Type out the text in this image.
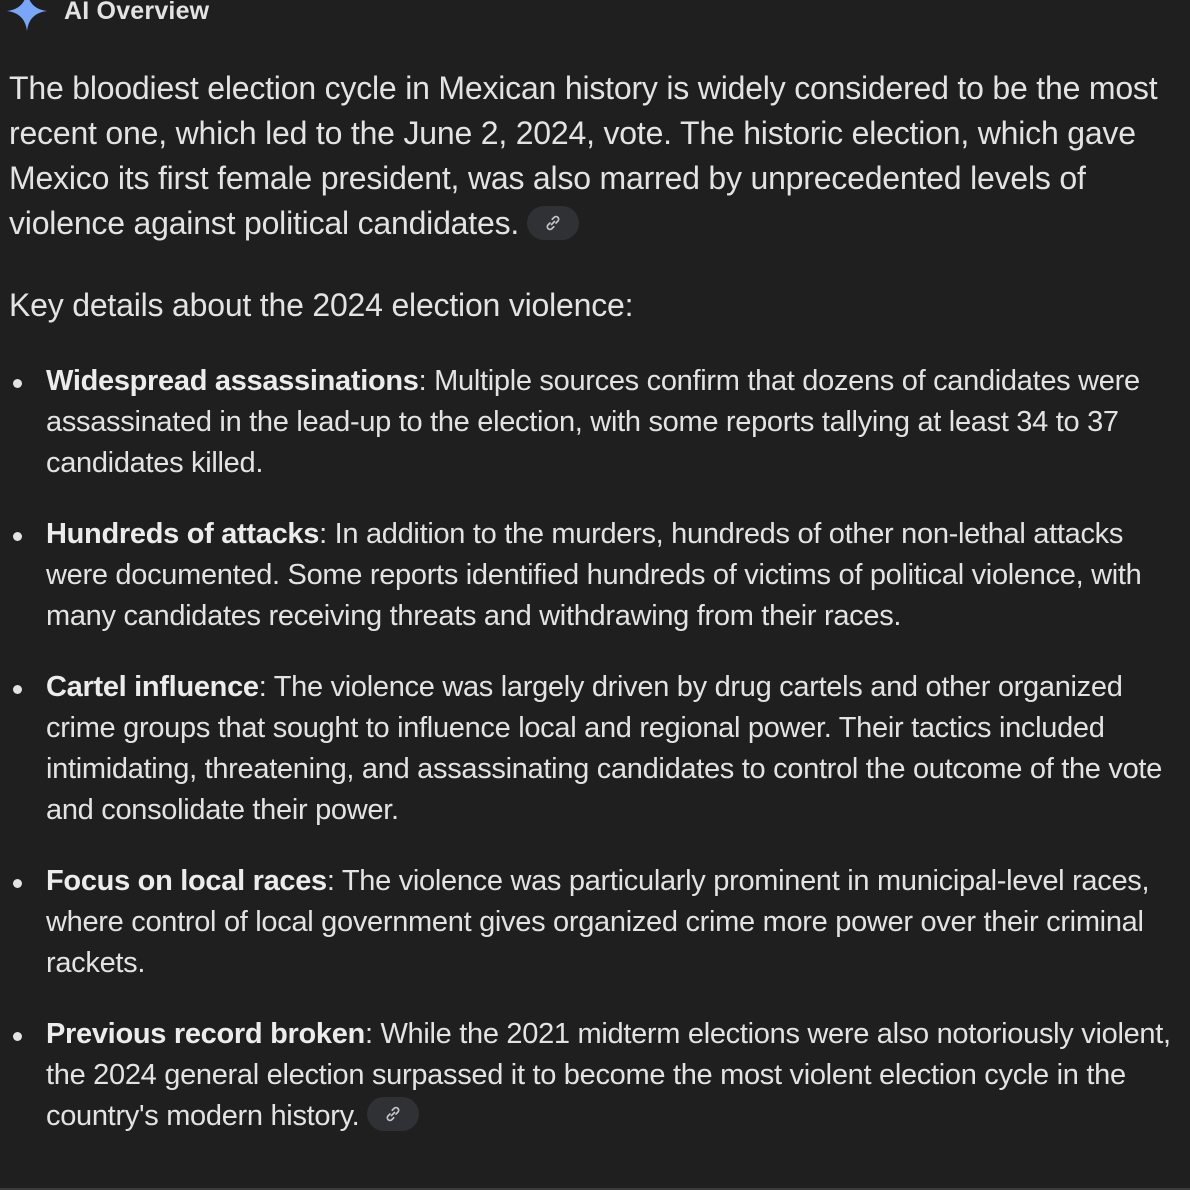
AI Overview

The bloodiest election cycle in Mexican history is widely considered to be the most recent one, which led to the June 2, 2024, vote. The historic election, which gave Mexico its first female president, was also marred by unprecedented levels of violence against political candidates.

Key details about the 2024 election violence:

Widespread assassinations: Multiple sources confirm that dozens of candidates were assassinated in the lead-up to the election, with some reports tallying at least 34 to 37 candidates killed.
Hundreds of attacks: In addition to the murders, hundreds of other non-lethal attacks were documented. Some reports identified hundreds of victims of political violence, with many candidates receiving threats and withdrawing from their races.
Cartel influence: The violence was largely driven by drug cartels and other organized crime groups that sought to influence local and regional power. Their tactics included intimidating, threatening, and assassinating candidates to control the outcome of the vote and consolidate their power.
Focus on local races: The violence was particularly prominent in municipal-level races, where control of local government gives organized crime more power over their criminal rackets.
Previous record broken: While the 2021 midterm elections were also notoriously violent, the 2024 general election surpassed it to become the most violent election cycle in the country's modern history.
